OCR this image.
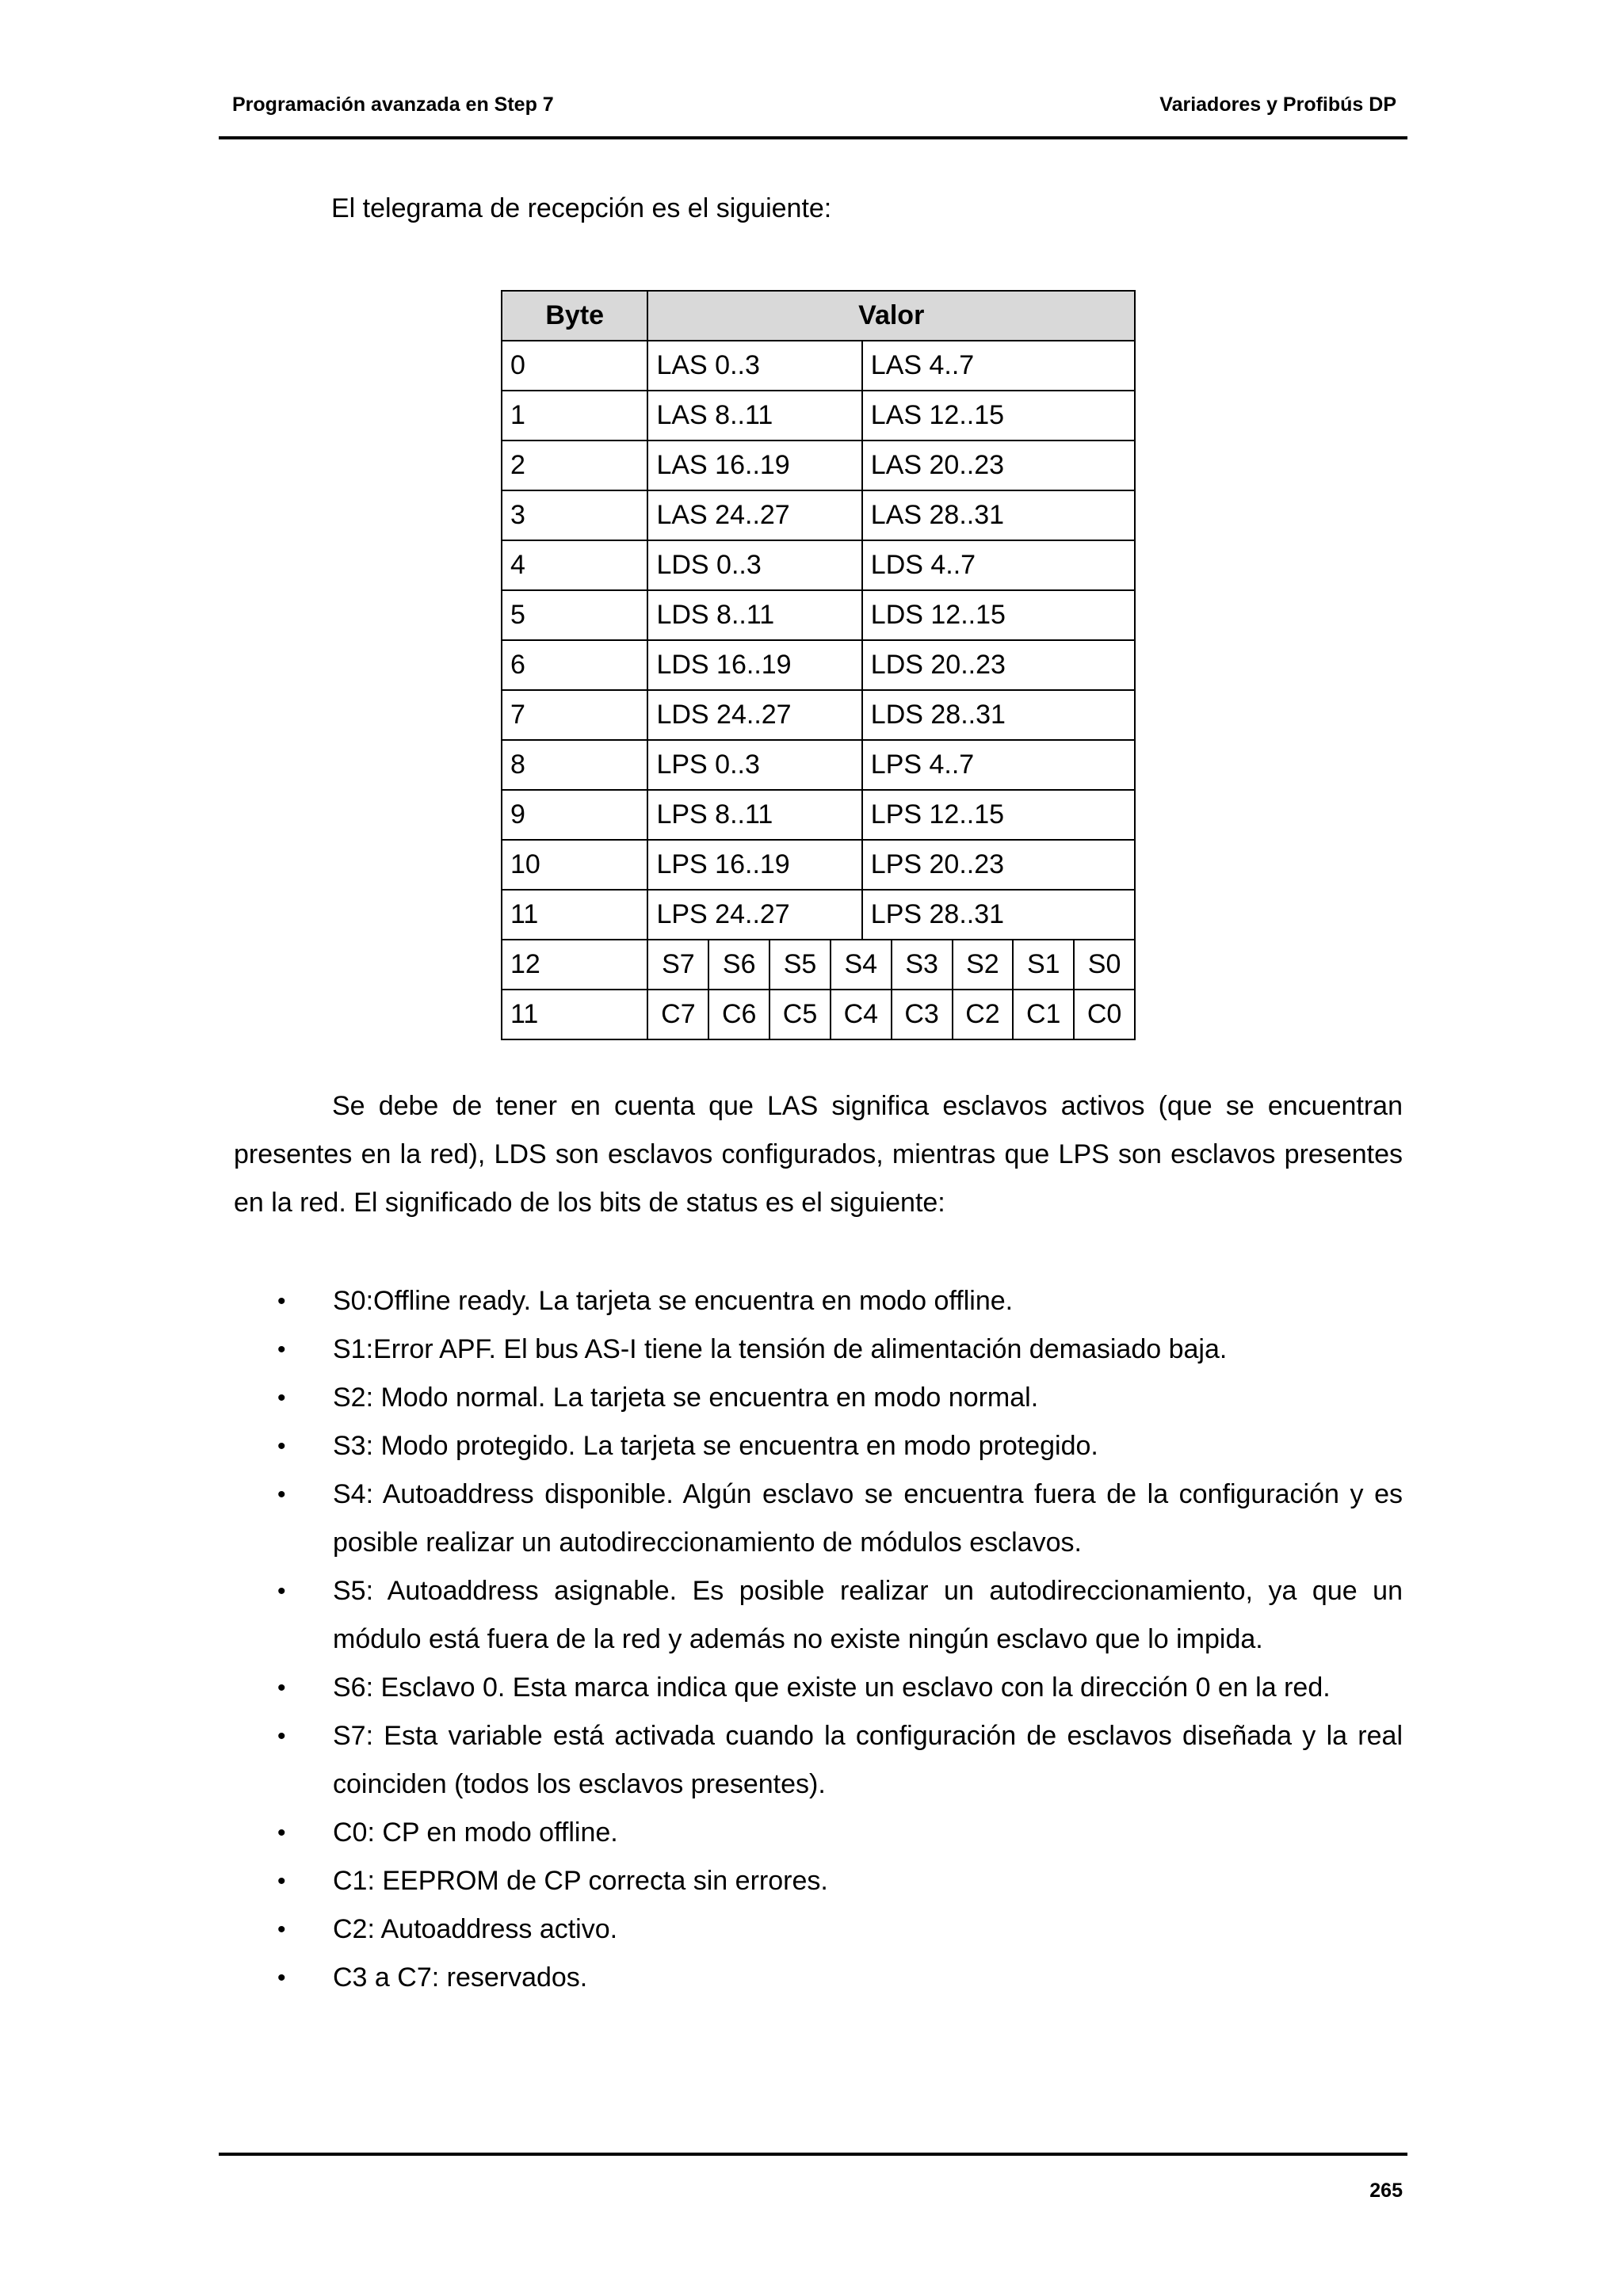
Programación avanzada en Step 7	Variadores y Profibús DP
El telegrama de recepción es el siguiente:
Byte	Valor								
0	LAS 0..3				LAS 4..7				
1	LAS 8..11				LAS 12..15				
2	LAS 16..19				LAS 20..23				
3	LAS 24..27				LAS 28..31				
4	LDS 0..3				LDS 4..7				
5	LDS 8..11				LDS 12..15				
6	LDS 16..19				LDS 20..23				
7	LDS 24..27				LDS 28..31				
8	LPS 0..3				LPS 4..7				
9	LPS 8..11				LPS 12..15				
10	LPS 16..19				LPS 20..23				
11	LPS 24..27				LPS 28..31				
12	S7	S6	S5	S4		S3	S2	S1	S0
11	C7	C6	C5	C4		C3	C2	C1	C0
Se debe de tener en cuenta que LAS significa esclavos activos (que se encuentran presentes en la red), LDS son esclavos configurados, mientras que LPS son esclavos presentes en la red. El significado de los bits de status es el siguiente:
• S0:Offline ready. La tarjeta se encuentra en modo offline.
• S1:Error APF. El bus AS-I tiene la tensión de alimentación demasiado baja.
• S2: Modo normal. La tarjeta se encuentra en modo normal.
• S3: Modo protegido. La tarjeta se encuentra en modo protegido.
• S4: Autoaddress disponible. Algún esclavo se encuentra fuera de la configuración y es posible realizar un autodireccionamiento de módulos esclavos.
• S5: Autoaddress asignable. Es posible realizar un autodireccionamiento, ya que un módulo está fuera de la red y además no existe ningún esclavo que lo impida.
• S6: Esclavo 0. Esta marca indica que existe un esclavo con la dirección 0 en la red.
• S7: Esta variable está activada cuando la configuración de esclavos diseñada y la real coinciden (todos los esclavos presentes).
• C0: CP en modo offline.
• C1: EEPROM de CP correcta sin errores.
• C2: Autoaddress activo.
• C3 a C7: reservados.
265
